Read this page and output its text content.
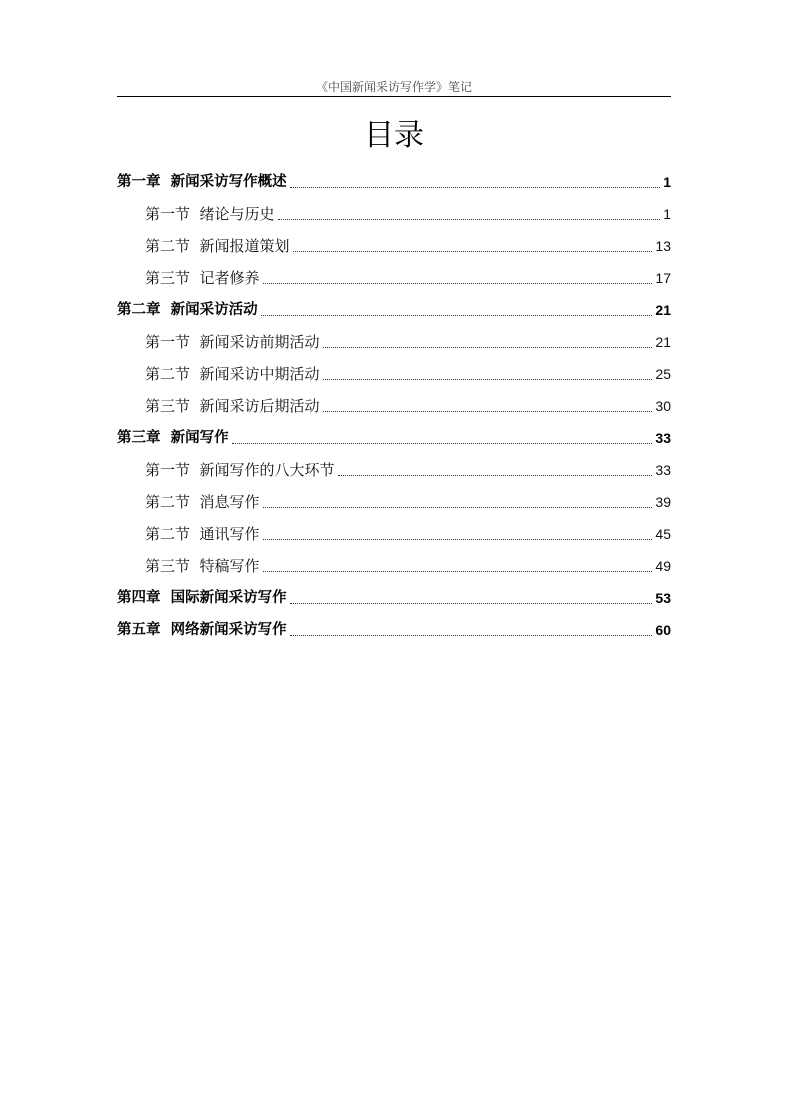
《中国新闻采访写作学》笔记
目录
第一章  新闻采访写作概述	1
第一节  绪论与历史	1
第二节  新闻报道策划	13
第三节  记者修养	17
第二章  新闻采访活动	21
第一节  新闻采访前期活动	21
第二节  新闻采访中期活动	25
第三节  新闻采访后期活动	30
第三章  新闻写作	33
第一节  新闻写作的八大环节	33
第二节  消息写作	39
第二节  通讯写作	45
第三节  特稿写作	49
第四章  国际新闻采访写作	53
第五章  网络新闻采访写作	60
